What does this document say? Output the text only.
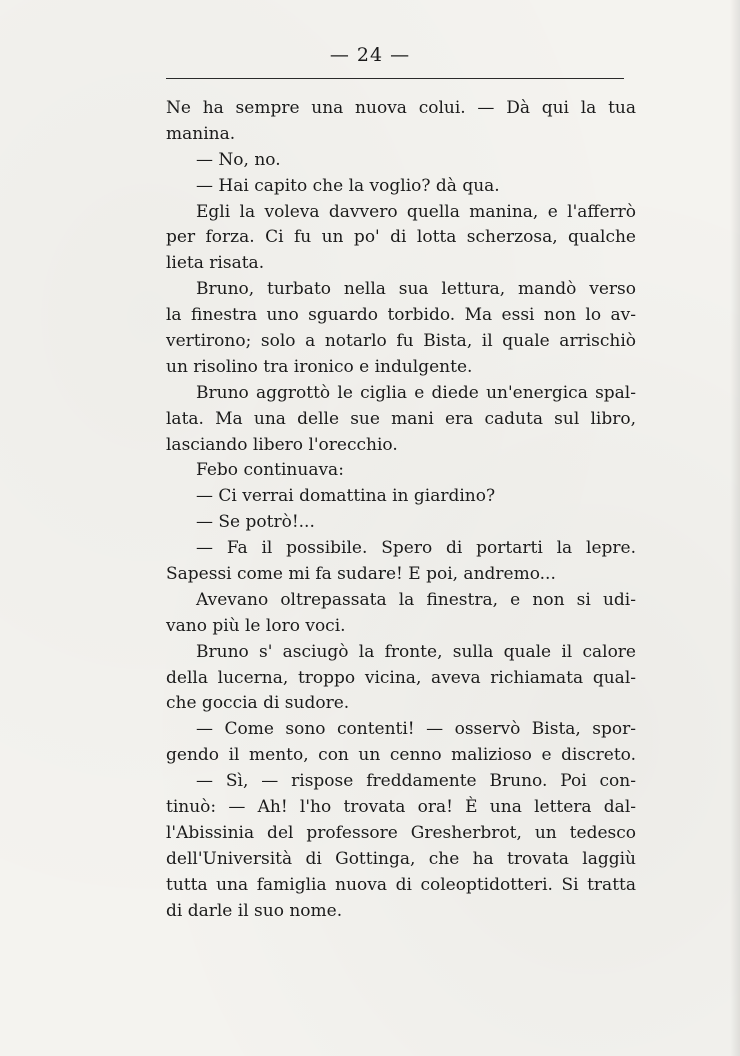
— 24 —
Ne ha sempre una nuova colui. — Dà qui la tua
manina.
— No, no.
— Hai capito che la voglio? dà qua.
Egli la voleva davvero quella manina, e l'afferrò
per forza. Ci fu un po' di lotta scherzosa, qualche
lieta risata.
Bruno, turbato nella sua lettura, mandò verso
la finestra uno sguardo torbido. Ma essi non lo av-
vertirono; solo a notarlo fu Bista, il quale arrischiò
un risolino tra ironico e indulgente.
Bruno aggrottò le ciglia e diede un'energica spal-
lata. Ma una delle sue mani era caduta sul libro,
lasciando libero l'orecchio.
Febo continuava:
— Ci verrai domattina in giardino?
— Se potrò!...
— Fa il possibile. Spero di portarti la lepre.
Sapessi come mi fa sudare! E poi, andremo...
Avevano oltrepassata la finestra, e non si udi-
vano più le loro voci.
Bruno s' asciugò la fronte, sulla quale il calore
della lucerna, troppo vicina, aveva richiamata qual-
che goccia di sudore.
— Come sono contenti! — osservò Bista, spor-
gendo il mento, con un cenno malizioso e discreto.
— Sì, — rispose freddamente Bruno. Poi con-
tinuò: — Ah! l'ho trovata ora! È una lettera dal-
l'Abissinia del professore Gresherbrot, un tedesco
dell'Università di Gottinga, che ha trovata laggiù
tutta una famiglia nuova di coleoptidotteri. Si tratta
di darle il suo nome.
